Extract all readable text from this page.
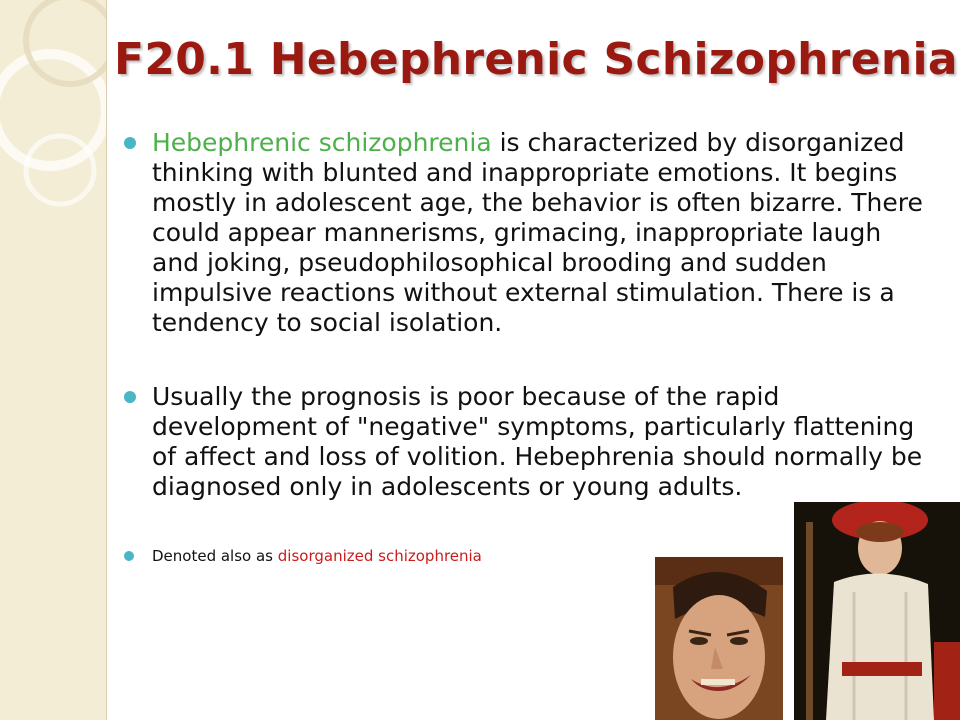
F20.1 Hebephrenic Schizophrenia
Hebephrenic schizophrenia is characterized by disorganized thinking with blunted and inappropriate emotions. It begins mostly in adolescent age, the behavior is often bizarre. There could appear mannerisms, grimacing, inappropriate laugh and joking, pseudophilosophical brooding and sudden impulsive reactions without external stimulation. There is a tendency to social isolation.
Usually the prognosis is poor because of the rapid development of "negative" symptoms, particularly flattening of affect and loss of volition. Hebephrenia should normally be diagnosed only in adolescents or young adults.
Denoted also as disorganized schizophrenia
